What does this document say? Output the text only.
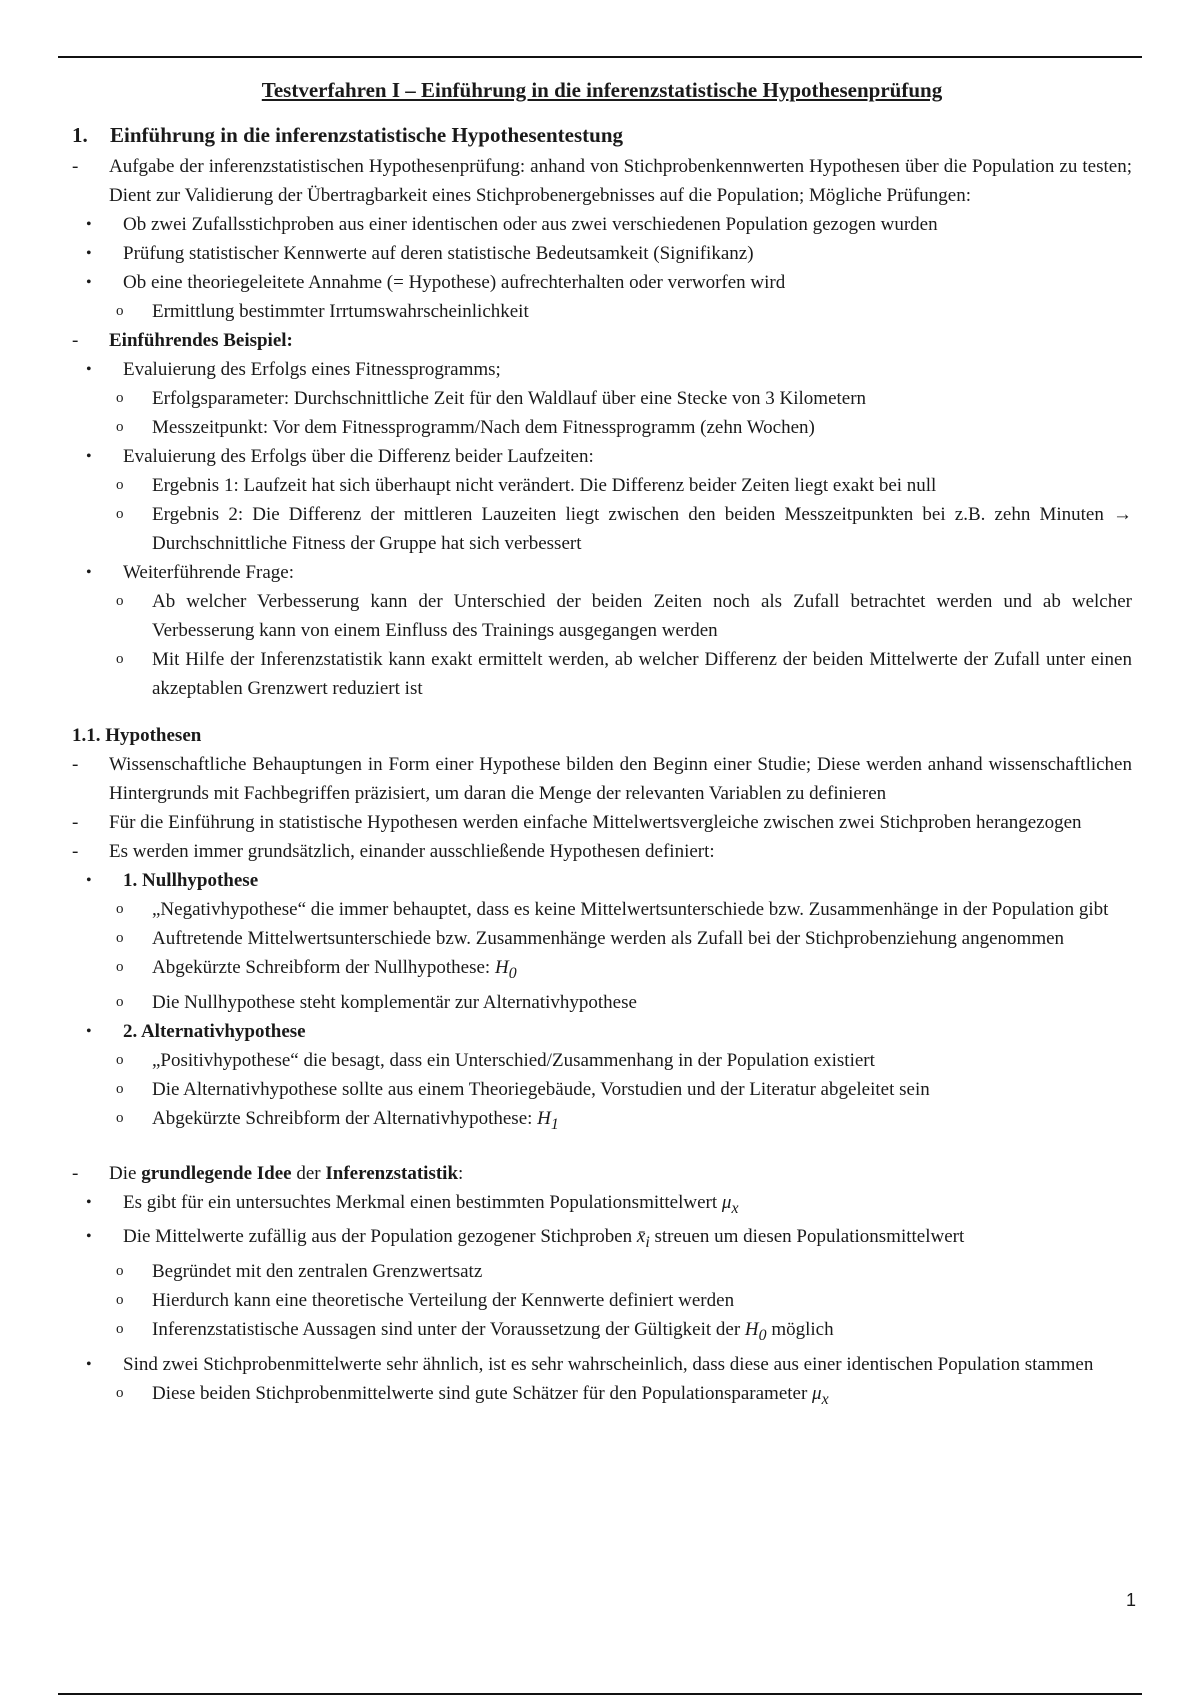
Testverfahren I – Einführung in die inferenzstatistische Hypothesenprüfung
1. Einführung in die inferenzstatistische Hypothesentestung
- Aufgabe der inferenzstatistischen Hypothesenprüfung: anhand von Stichprobenkennwerten Hypothesen über die Population zu testen; Dient zur Validierung der Übertragbarkeit eines Stichprobenergebnisses auf die Population; Mögliche Prüfungen:
• Ob zwei Zufallsstichproben aus einer identischen oder aus zwei verschiedenen Population gezogen wurden
• Prüfung statistischer Kennwerte auf deren statistische Bedeutsamkeit (Signifikanz)
• Ob eine theoriegeleitete Annahme (= Hypothese) aufrechterhalten oder verworfen wird
o Ermittlung bestimmter Irrtumswahrscheinlichkeit
- Einführendes Beispiel:
• Evaluierung des Erfolgs eines Fitnessprogramms;
o Erfolgsparameter: Durchschnittliche Zeit für den Waldlauf über eine Stecke von 3 Kilometern
o Messzeitpunkt: Vor dem Fitnessprogramm/Nach dem Fitnessprogramm (zehn Wochen)
• Evaluierung des Erfolgs über die Differenz beider Laufzeiten:
o Ergebnis 1: Laufzeit hat sich überhaupt nicht verändert. Die Differenz beider Zeiten liegt exakt bei null
o Ergebnis 2: Die Differenz der mittleren Lauzeiten liegt zwischen den beiden Messzeitpunkten bei z.B. zehn Minuten → Durchschnittliche Fitness der Gruppe hat sich verbessert
• Weiterführende Frage:
o Ab welcher Verbesserung kann der Unterschied der beiden Zeiten noch als Zufall betrachtet werden und ab welcher Verbesserung kann von einem Einfluss des Trainings ausgegangen werden
o Mit Hilfe der Inferenzstatistik kann exakt ermittelt werden, ab welcher Differenz der beiden Mittelwerte der Zufall unter einen akzeptablen Grenzwert reduziert ist
1.1. Hypothesen
- Wissenschaftliche Behauptungen in Form einer Hypothese bilden den Beginn einer Studie; Diese werden anhand wissenschaftlichen Hintergrunds mit Fachbegriffen präzisiert, um daran die Menge der relevanten Variablen zu definieren
- Für die Einführung in statistische Hypothesen werden einfache Mittelwertsvergleiche zwischen zwei Stichproben herangezogen
- Es werden immer grundsätzlich, einander ausschließende Hypothesen definiert:
• 1. Nullhypothese
o „Negativhypothese“ die immer behauptet, dass es keine Mittelwertsunterschiede bzw. Zusammenhänge in der Population gibt
o Auftretende Mittelwertsunterschiede bzw. Zusammenhänge werden als Zufall bei der Stichprobenziehung angenommen
o Abgekürzte Schreibform der Nullhypothese: $H_0$
o Die Nullhypothese steht komplementär zur Alternativhypothese
• 2. Alternativhypothese
o „Positivhypothese“ die besagt, dass ein Unterschied/Zusammenhang in der Population existiert
o Die Alternativhypothese sollte aus einem Theoriegebäude, Vorstudien und der Literatur abgeleitet sein
o Abgekürzte Schreibform der Alternativhypothese: $H_1$
- Die grundlegende Idee der Inferenzstatistik:
• Es gibt für ein untersuchtes Merkmal einen bestimmten Populationsmittelwert $\mu_x$
• Die Mittelwerte zufällig aus der Population gezogener Stichproben $x̄_i$ streuen um diesen Populationsmittelwert
o Begründet mit den zentralen Grenzwertsatz
o Hierdurch kann eine theoretische Verteilung der Kennwerte definiert werden
o Inferenzstatistische Aussagen sind unter der Voraussetzung der Gültigkeit der $H_0$ möglich
• Sind zwei Stichprobenmittelwerte sehr ähnlich, ist es sehr wahrscheinlich, dass diese aus einer identischen Population stammen
o Diese beiden Stichprobenmittelwerte sind gute Schätzer für den Populationsparameter $\mu_x$
1
